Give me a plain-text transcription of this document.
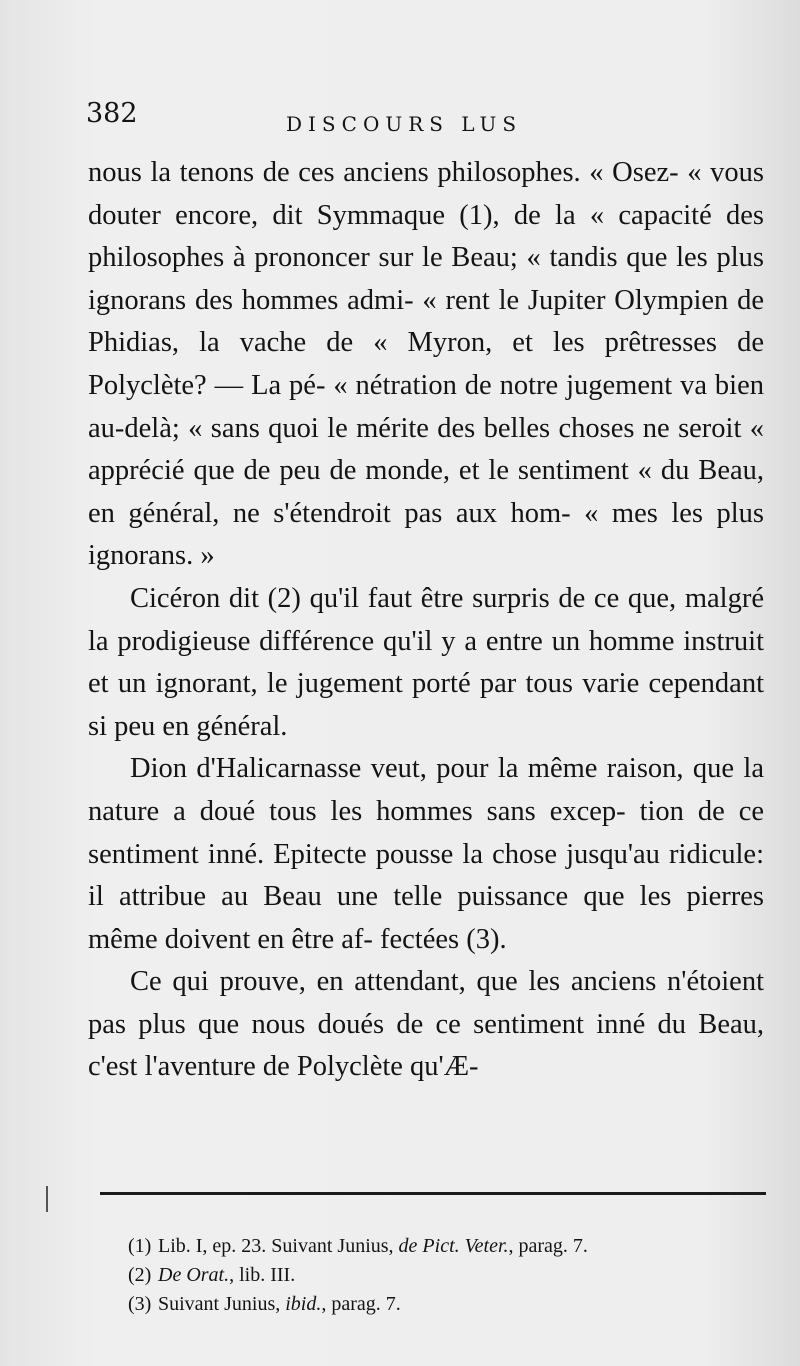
382	DISCOURS LUS

nous la tenons de ces anciens philosophes. « Osez- « vous douter encore, dit Symmaque (1), de la « capacité des philosophes à prononcer sur le Beau; « tandis que les plus ignorans des hommes admi- « rent le Jupiter Olympien de Phidias, la vache de « Myron, et les prêtresses de Polyclète? — La pé- « nétration de notre jugement va bien au-delà; « sans quoi le mérite des belles choses ne seroit « apprécié que de peu de monde, et le sentiment « du Beau, en général, ne s'étendroit pas aux hom- « mes les plus ignorans. »

Cicéron dit (2) qu'il faut être surpris de ce que, malgré la prodigieuse différence qu'il y a entre un homme instruit et un ignorant, le jugement porté par tous varie cependant si peu en général.

Dion d'Halicarnasse veut, pour la même raison, que la nature a doué tous les hommes sans excep- tion de ce sentiment inné. Epitecte pousse la chose jusqu'au ridicule: il attribue au Beau une telle puissance que les pierres même doivent en être af- fectées (3).

Ce qui prouve, en attendant, que les anciens n'étoient pas plus que nous doués de ce sentiment inné du Beau, c'est l'aventure de Polyclète qu'Æ-

(1) Lib. I, ep. 23. Suivant Junius, de Pict. Veter., parag. 7.
(2) De Orat., lib. III.
(3) Suivant Junius, ibid., parag. 7.
